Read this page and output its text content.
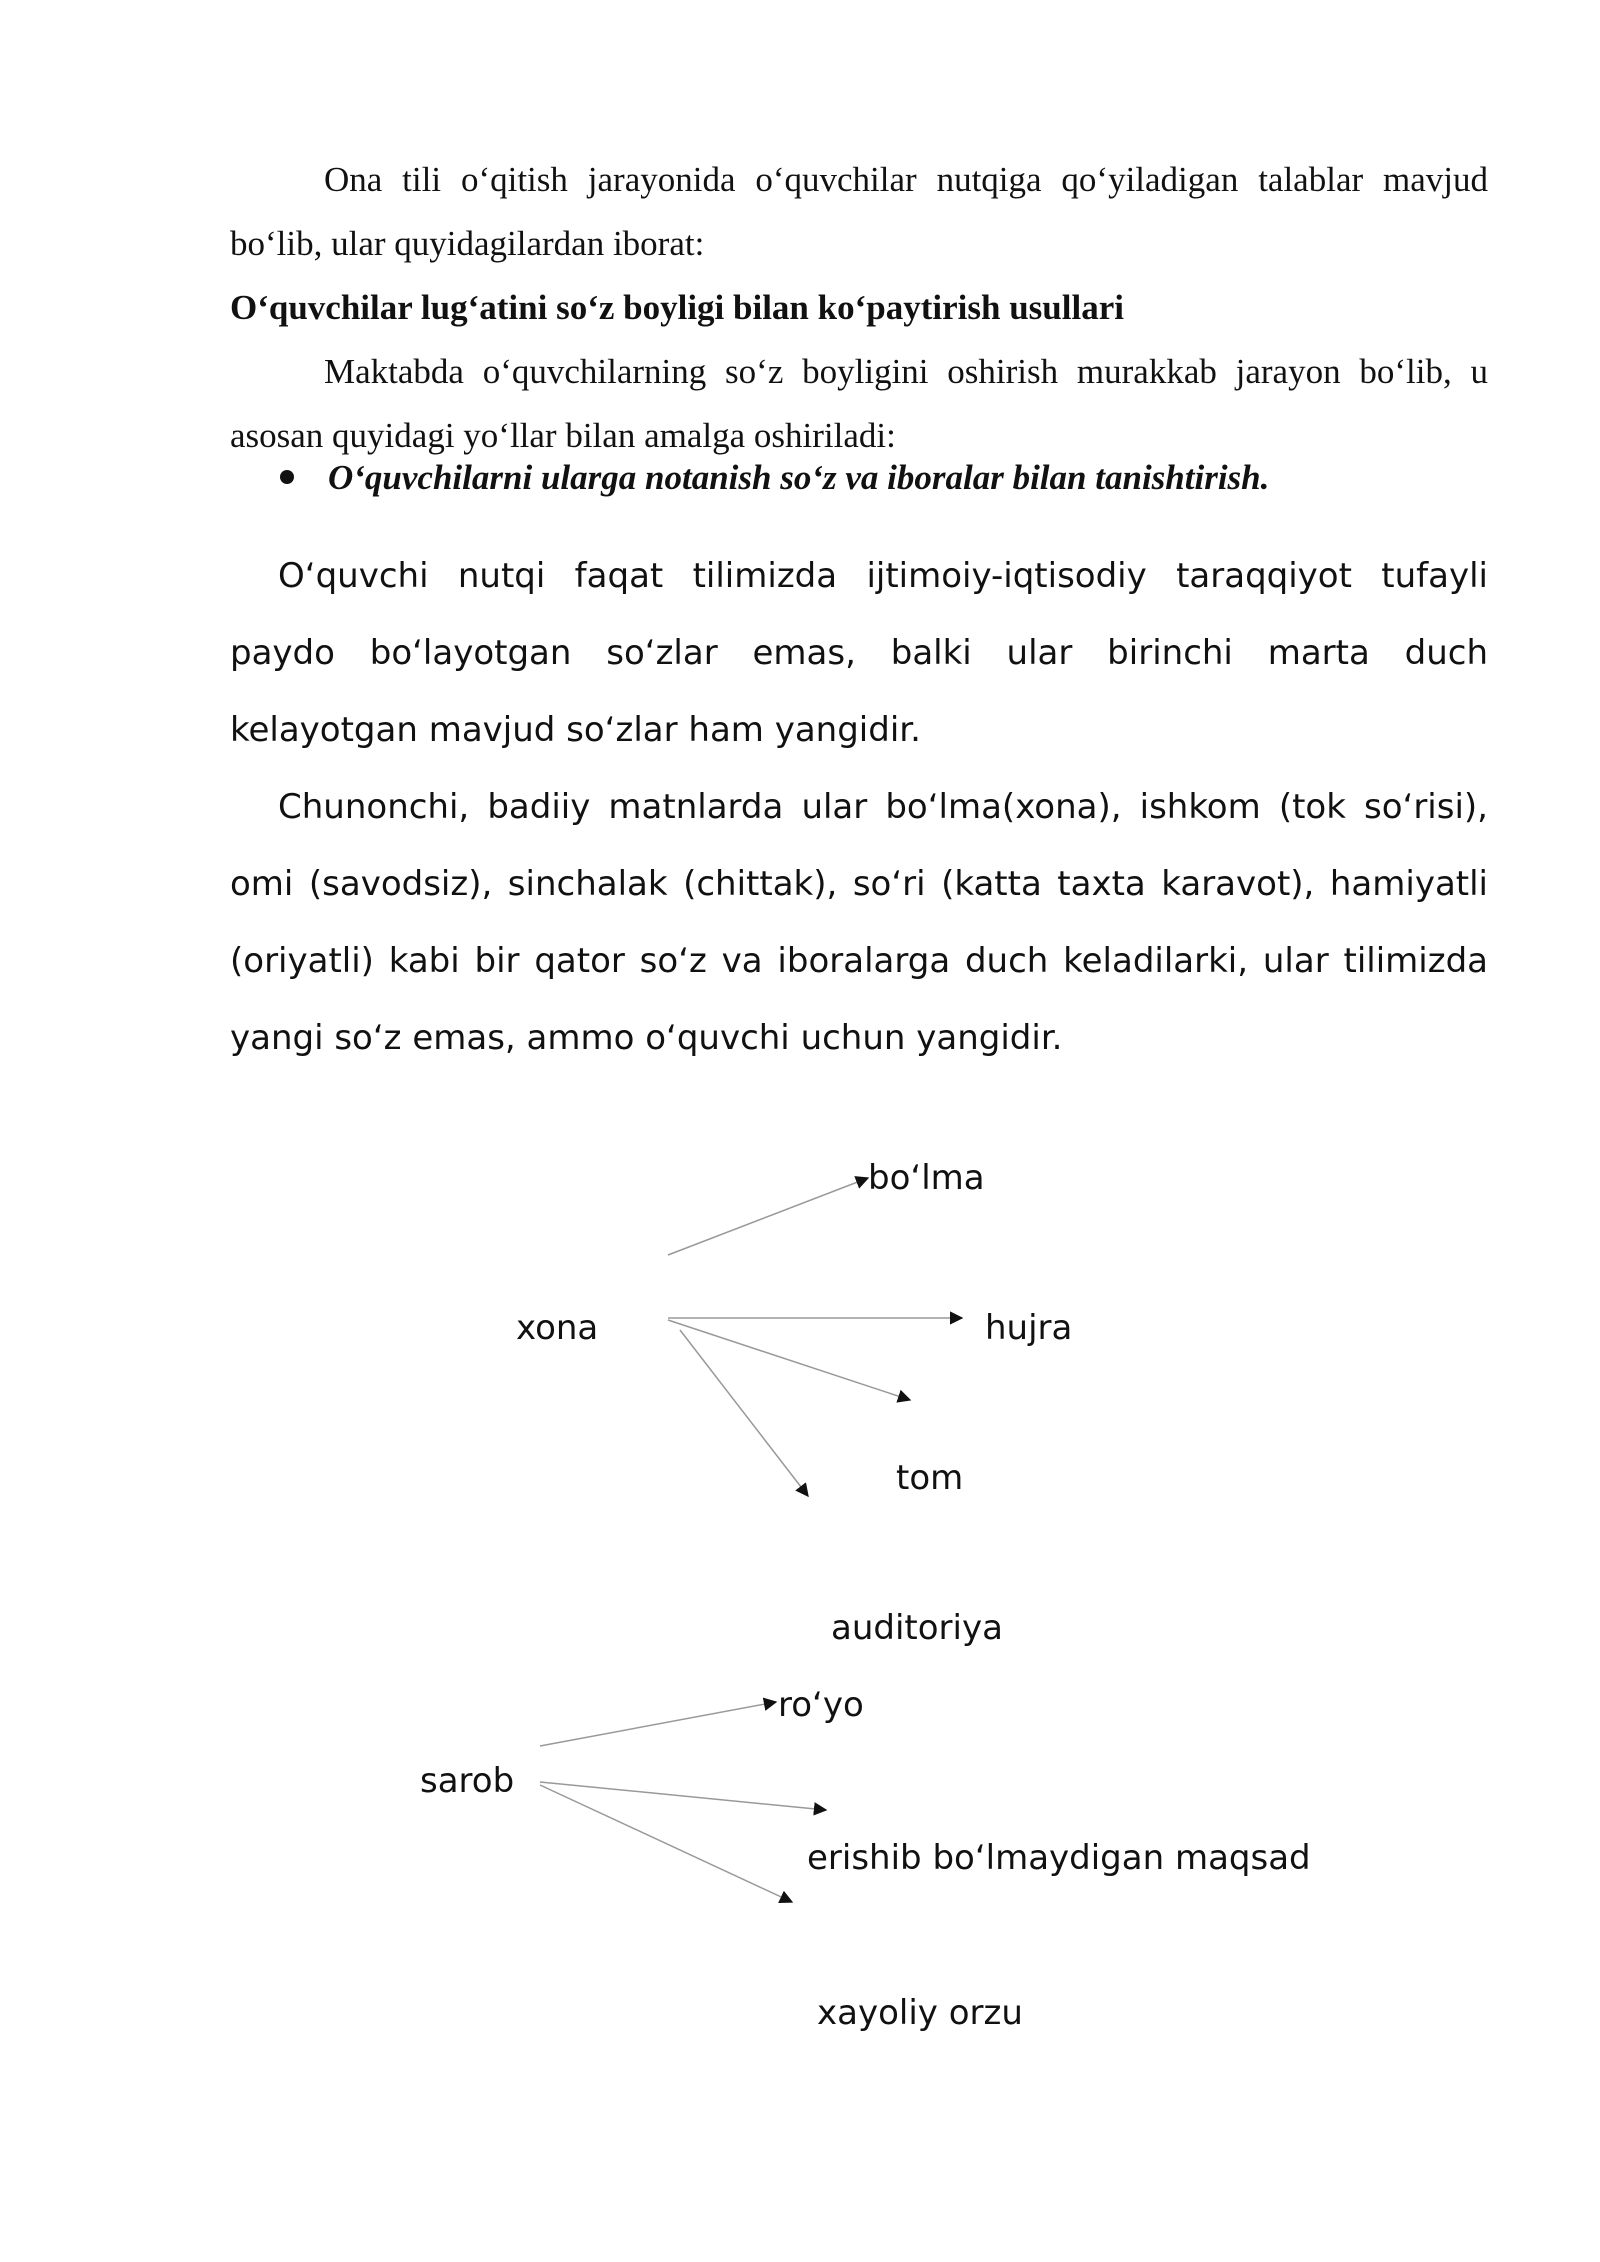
Ona tili o‘qitish jarayonida o‘quvchilar nutqiga qo‘yiladigan talablar mavjud bo‘lib, ular quyidagilardan iborat:
O‘quvchilar lug‘atini so‘z boyligi bilan ko‘paytirish usullari
Maktabda o‘quvchilarning so‘z boyligini oshirish murakkab jarayon bo‘lib, u asosan quyidagi yo‘llar bilan amalga oshiriladi:
O‘quvchilarni ularga notanish so‘z va iboralar bilan tanishtirish.
O‘quvchi nutqi faqat tilimizda ijtimoiy-iqtisodiy taraqqiyot tufayli paydo bo‘layotgan so‘zlar emas, balki ular birinchi marta duch kelayotgan mavjud so‘zlar ham yangidir.
Chunonchi, badiiy matnlarda ular bo‘lma(xona), ishkom (tok so‘risi), omi (savodsiz), sinchalak (chittak), so‘ri (katta taxta karavot), hamiyatli (oriyatli) kabi bir qator so‘z va iboralarga duch keladilarki, ular tilimizda yangi so‘z emas, ammo o‘quvchi uchun yangidir.
bo‘lma
xona	hujra
tom
auditoriya
ro‘yo
sarob
erishib bo‘lmaydigan maqsad
xayoliy orzu
